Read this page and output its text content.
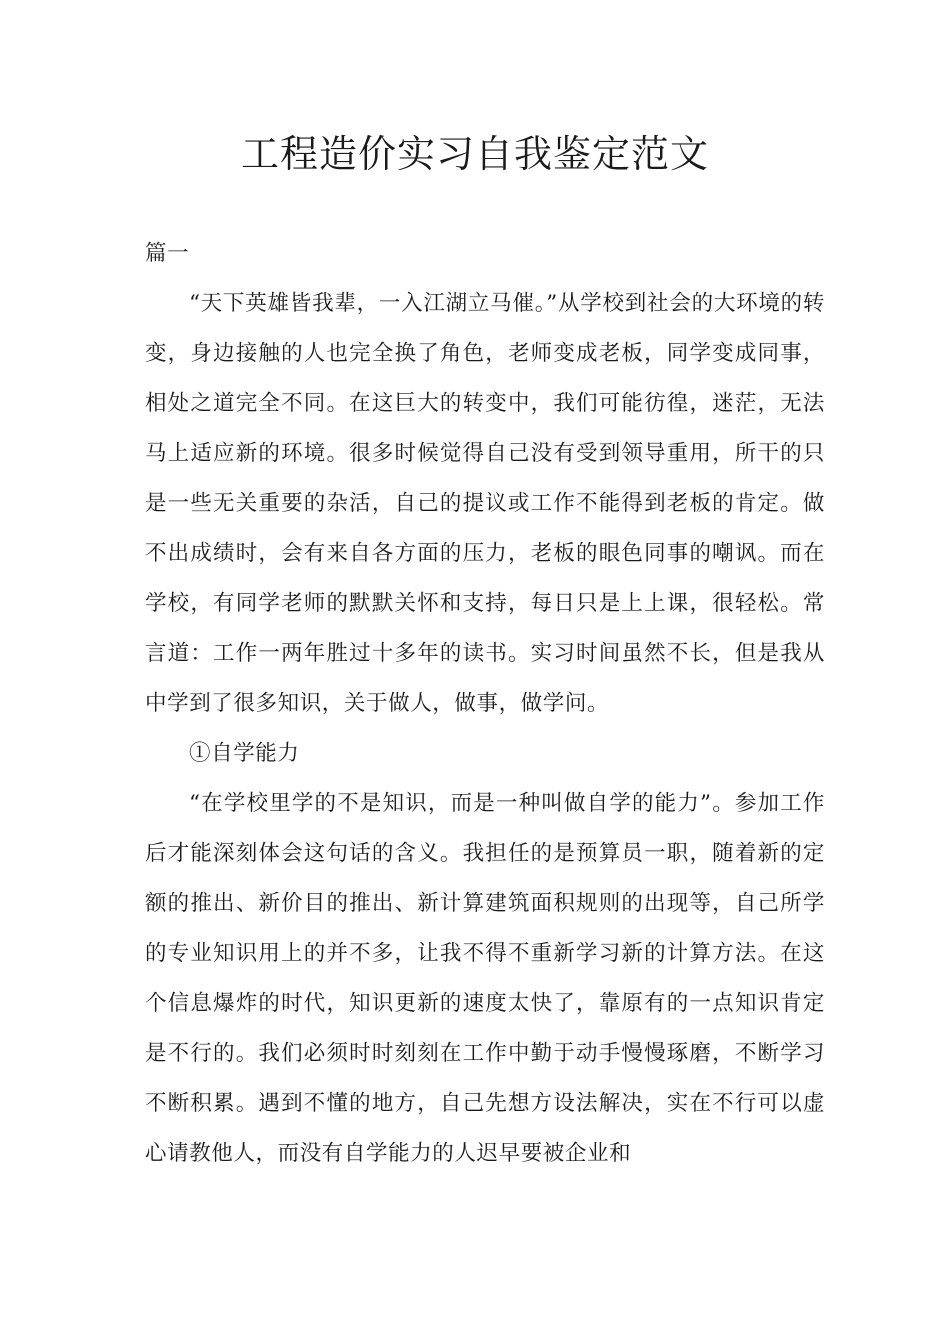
工程造价实习自我鉴定范文

篇一

“天下英雄皆我辈，一入江湖立马催。”从学校到社会的大环境的转变，身边接触的人也完全换了角色，老师变成老板，同学变成同事，相处之道完全不同。在这巨大的转变中，我们可能彷徨，迷茫，无法马上适应新的环境。很多时候觉得自己没有受到领导重用，所干的只是一些无关重要的杂活，自己的提议或工作不能得到老板的肯定。做不出成绩时，会有来自各方面的压力，老板的眼色同事的嘲讽。而在学校，有同学老师的默默关怀和支持，每日只是上上课，很轻松。常言道：工作一两年胜过十多年的读书。实习时间虽然不长，但是我从中学到了很多知识，关于做人，做事，做学问。

①自学能力

“在学校里学的不是知识，而是一种叫做自学的能力”。参加工作后才能深刻体会这句话的含义。我担任的是预算员一职，随着新的定额的推出、新价目的推出、新计算建筑面积规则的出现等，自己所学的专业知识用上的并不多，让我不得不重新学习新的计算方法。在这个信息爆炸的时代，知识更新的速度太快了，靠原有的一点知识肯定是不行的。我们必须时时刻刻在工作中勤于动手慢慢琢磨，不断学习不断积累。遇到不懂的地方，自己先想方设法解决，实在不行可以虚心请教他人，而没有自学能力的人迟早要被企业和
